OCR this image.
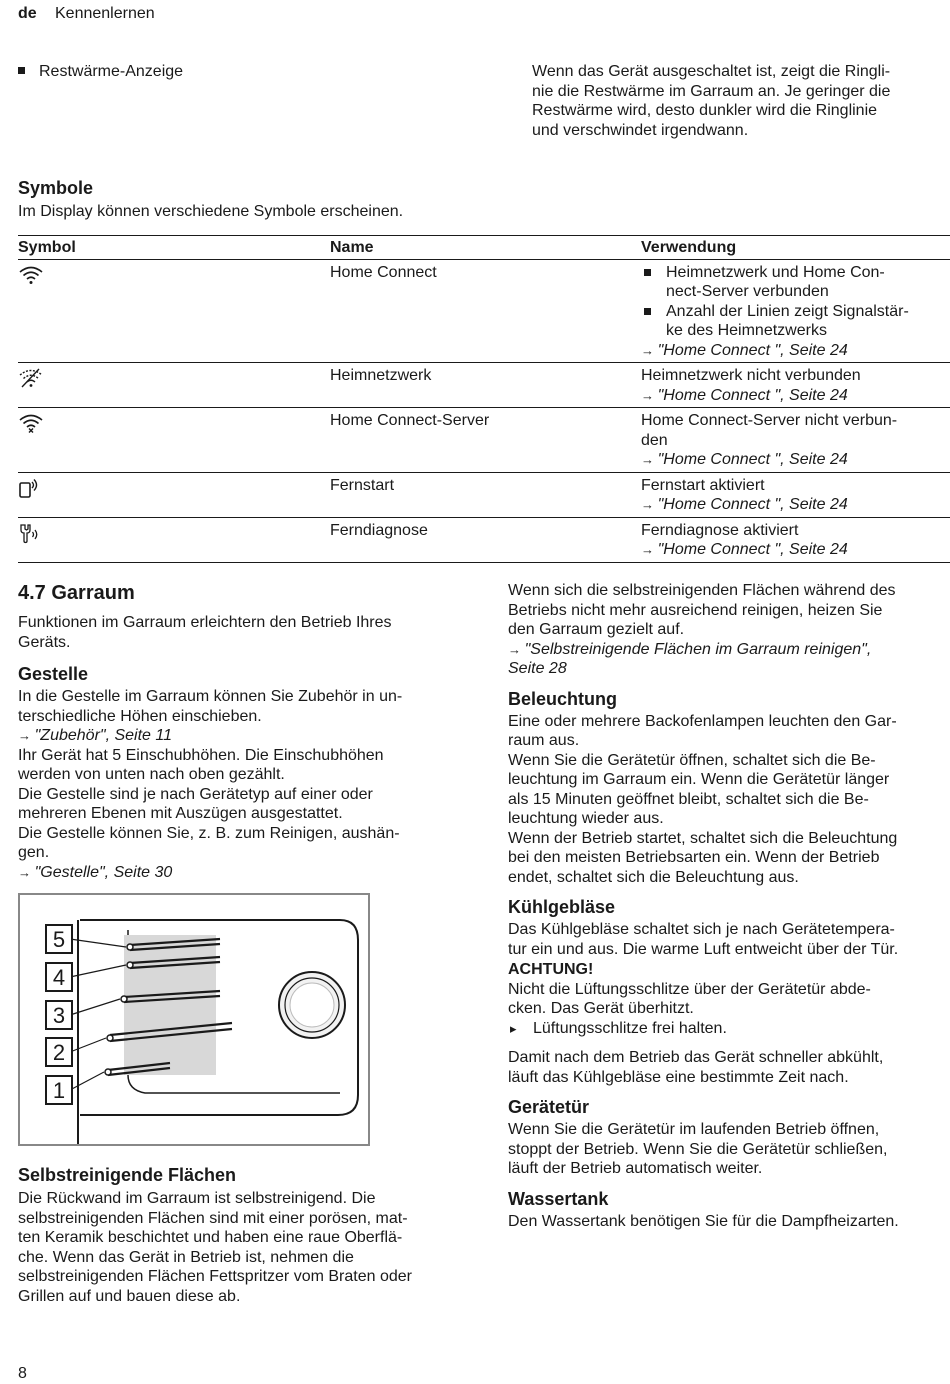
de Kennenlernen
Restwärme-Anzeige	Wenn das Gerät ausgeschaltet ist, zeigt die Ringli-
nie die Restwärme im Garraum an. Je geringer die
Restwärme wird, desto dunkler wird die Ringlinie
und verschwindet irgendwann.
Symbole

Im Display können verschiedene Symbole erscheinen.

Symbol	Name	Verwendung

	Home Connect	Heimnetzwerk und Home Con-
nect-Server verbunden
Anzahl der Linien zeigt Signalstär-
ke des Heimnetzwerks
→ "Home Connect ", Seite 24

	Heimnetzwerk	Heimnetzwerk nicht verbunden
→ "Home Connect ", Seite 24

	Home Connect-Server	Home Connect-Server nicht verbun-
den
→ "Home Connect ", Seite 24

	Fernstart	Fernstart aktiviert
→ "Home Connect ", Seite 24

	Ferndiagnose	Ferndiagnose aktiviert
→ "Home Connect ", Seite 24
4.7 Garraum

Funktionen im Garraum erleichtern den Betrieb Ihres
Geräts.

Gestelle

In die Gestelle im Garraum können Sie Zubehör in un-
terschiedliche Höhen einschieben.

→ "Zubehör", Seite 11

Ihr Gerät hat 5 Einschubhöhen. Die Einschubhöhen
werden von unten nach oben gezählt.

Die Gestelle sind je nach Gerätetyp auf einer oder
mehreren Ebenen mit Auszügen ausgestattet.

Die Gestelle können Sie, z. B. zum Reinigen, aushän-
gen.

→ "Gestelle", Seite 30

5
4
3
2
1
Selbstreinigende Flächen

Die Rückwand im Garraum ist selbstreinigend. Die
selbstreinigenden Flächen sind mit einer porösen, mat-
ten Keramik beschichtet und haben eine raue Oberflä-
che. Wenn das Gerät in Betrieb ist, nehmen die
selbstreinigenden Flächen Fettspritzer vom Braten oder
Grillen auf und bauen diese ab.

Wenn sich die selbstreinigenden Flächen während des
Betriebs nicht mehr ausreichend reinigen, heizen Sie
den Garraum gezielt auf.

→ "Selbstreinigende Flächen im Garraum reinigen",
Seite 28

Beleuchtung

Eine oder mehrere Backofenlampen leuchten den Gar-
raum aus.

Wenn Sie die Gerätetür öffnen, schaltet sich die Be-
leuchtung im Garraum ein. Wenn die Gerätetür länger
als 15 Minuten geöffnet bleibt, schaltet sich die Be-
leuchtung wieder aus.

Wenn der Betrieb startet, schaltet sich die Beleuchtung
bei den meisten Betriebsarten ein. Wenn der Betrieb
endet, schaltet sich die Beleuchtung aus.

Kühlgebläse

Das Kühlgebläse schaltet sich je nach Gerätetempera-
tur ein und aus. Die warme Luft entweicht über der Tür.

ACHTUNG!

Nicht die Lüftungsschlitze über der Gerätetür abde-
cken. Das Gerät überhitzt.

▸ Lüftungsschlitze frei halten.

Damit nach dem Betrieb das Gerät schneller abkühlt,
läuft das Kühlgebläse eine bestimmte Zeit nach.

Gerätetür

Wenn Sie die Gerätetür im laufenden Betrieb öffnen,
stoppt der Betrieb. Wenn Sie die Gerätetür schließen,
läuft der Betrieb automatisch weiter.

Wassertank

Den Wassertank benötigen Sie für die Dampfheizarten.

8
